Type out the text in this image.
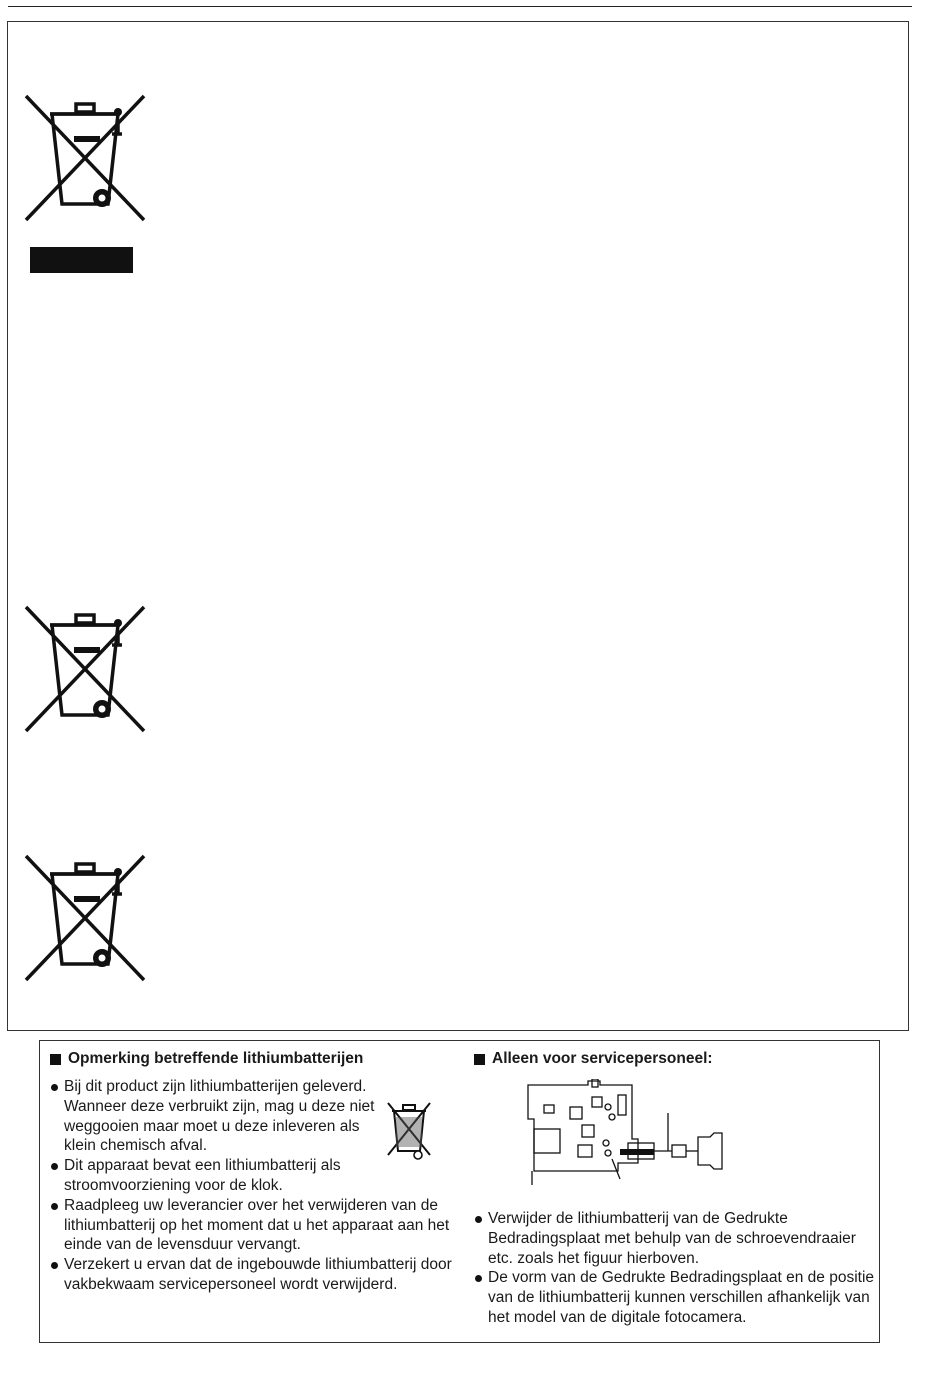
Opmerking betreffende lithiumbatterijen
Bij dit product zijn lithiumbatterijen geleverd. Wanneer deze verbruikt zijn, mag u deze niet weggooien maar moet u deze inleveren als klein chemisch afval.
Dit apparaat bevat een lithiumbatterij als stroomvoorziening voor de klok.
Raadpleeg uw leverancier over het verwijderen van de lithiumbatterij op het moment dat u het apparaat aan het einde van de levensduur vervangt.
Verzekert u ervan dat de ingebouwde lithiumbatterij door vakbekwaam servicepersoneel wordt verwijderd.
Alleen voor servicepersoneel:
Verwijder de lithiumbatterij van de Gedrukte Bedradingsplaat met behulp van de schroevendraaier etc. zoals het figuur hierboven.
De vorm van de Gedrukte Bedradingsplaat en de positie van de lithiumbatterij kunnen verschillen afhankelijk van het model van de digitale fotocamera.
